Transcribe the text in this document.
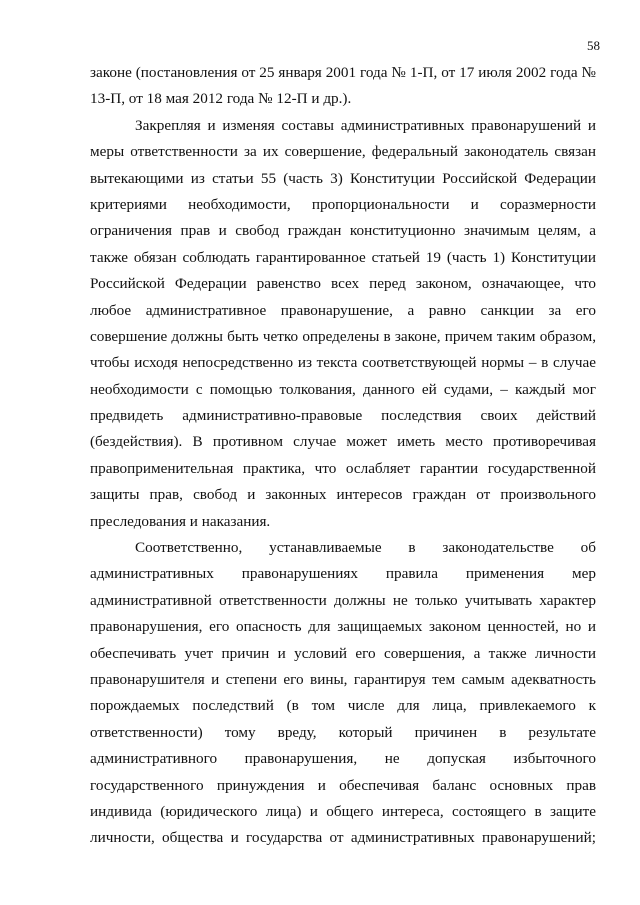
58
законе (постановления от 25 января 2001 года № 1-П, от 17 июля 2002 года №
13-П, от 18 мая 2012 года № 12-П и др.).
Закрепляя и изменяя составы административных правонарушений и
меры ответственности за их совершение, федеральный законодатель связан
вытекающими из статьи 55 (часть 3) Конституции Российской Федерации
критериями необходимости, пропорциональности и соразмерности
ограничения прав и свобод граждан конституционно значимым целям, а
также обязан соблюдать гарантированное статьей 19 (часть 1) Конституции
Российской Федерации равенство всех перед законом, означающее, что
любое административное правонарушение, а равно санкции за его
совершение должны быть четко определены в законе, причем таким образом,
чтобы исходя непосредственно из текста соответствующей нормы – в случае
необходимости с помощью толкования, данного ей судами, – каждый мог
предвидеть административно-правовые последствия своих действий
(бездействия). В противном случае может иметь место противоречивая
правоприменительная практика, что ослабляет гарантии государственной
защиты прав, свобод и законных интересов граждан от произвольного
преследования и наказания.
Соответственно, устанавливаемые в законодательстве об
административных правонарушениях правила применения мер
административной ответственности должны не только учитывать характер
правонарушения, его опасность для защищаемых законом ценностей, но и
обеспечивать учет причин и условий его совершения, а также личности
правонарушителя и степени его вины, гарантируя тем самым адекватность
порождаемых последствий (в том числе для лица, привлекаемого к
ответственности) тому вреду, который причинен в результате
административного правонарушения, не допуская избыточного
государственного принуждения и обеспечивая баланс основных прав
индивида (юридического лица) и общего интереса, состоящего в защите
личности, общества и государства от административных правонарушений;
